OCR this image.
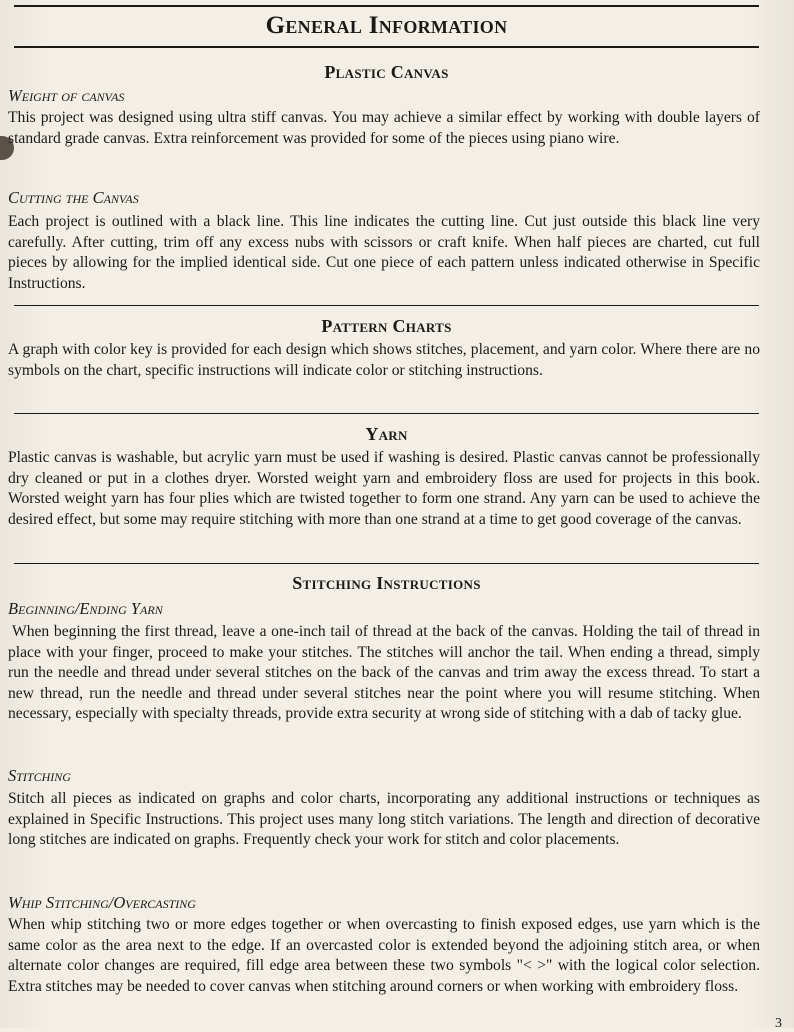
General Information
Plastic Canvas
Weight of canvas

This project was designed using ultra stiff canvas. You may achieve a similar effect by working with double layers of standard grade canvas. Extra reinforcement was provided for some of the pieces using piano wire.

Cutting the Canvas

Each project is outlined with a black line. This line indicates the cutting line. Cut just outside this black line very carefully. After cutting, trim off any excess nubs with scissors or craft knife. When half pieces are charted, cut full pieces by allowing for the implied identical side. Cut one piece of each pattern unless indicated otherwise in Specific Instructions.

Pattern Charts

A graph with color key is provided for each design which shows stitches, placement, and yarn color. Where there are no symbols on the chart, specific instructions will indicate color or stitching instructions.

Yarn

Plastic canvas is washable, but acrylic yarn must be used if washing is desired. Plastic canvas cannot be professionally dry cleaned or put in a clothes dryer. Worsted weight yarn and embroidery floss are used for projects in this book. Worsted weight yarn has four plies which are twisted together to form one strand. Any yarn can be used to achieve the desired effect, but some may require stitching with more than one strand at a time to get good coverage of the canvas.

Stitching Instructions
Beginning/Ending Yarn

When beginning the first thread, leave a one-inch tail of thread at the back of the canvas. Holding the tail of thread in place with your finger, proceed to make your stitches. The stitches will anchor the tail. When ending a thread, simply run the needle and thread under several stitches on the back of the canvas and trim away the excess thread. To start a new thread, run the needle and thread under several stitches near the point where you will resume stitching. When necessary, especially with specialty threads, provide extra security at wrong side of stitching with a dab of tacky glue.

Stitching

Stitch all pieces as indicated on graphs and color charts, incorporating any additional instructions or techniques as explained in Specific Instructions. This project uses many long stitch variations. The length and direction of decorative long stitches are indicated on graphs. Frequently check your work for stitch and color placements.

Whip Stitching/Overcasting

When whip stitching two or more edges together or when overcasting to finish exposed edges, use yarn which is the same color as the area next to the edge. If an overcasted color is extended beyond the adjoining stitch area, or when alternate color changes are required, fill edge area between these two symbols "< >" with the logical color selection. Extra stitches may be needed to cover canvas when stitching around corners or when working with embroidery floss.

3
